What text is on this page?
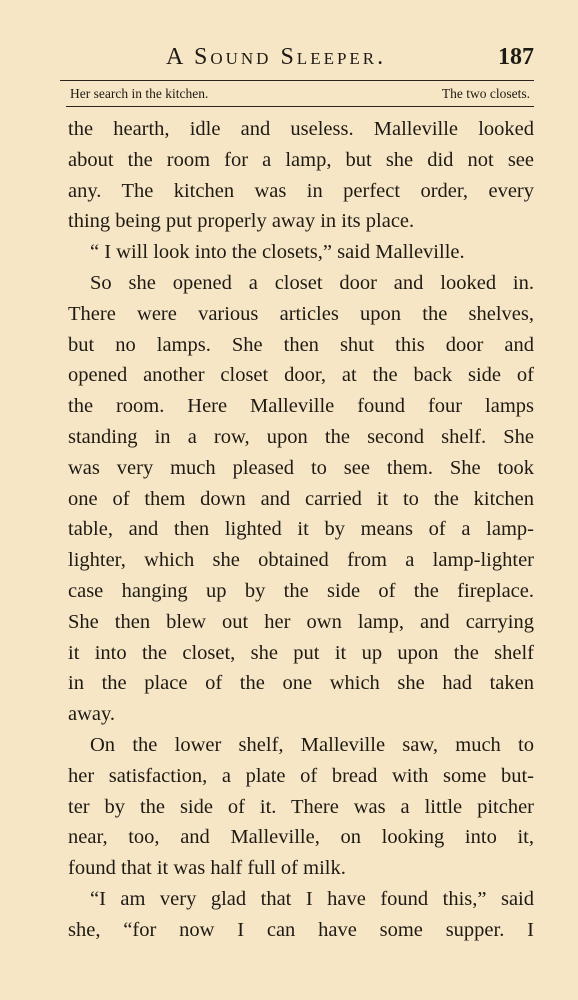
A Sound Sleeper.	187
Her search in the kitchen.	The two closets.
the hearth, idle and useless. Malleville looked
about the room for a lamp, but she did not see
any. The kitchen was in perfect order, every
thing being put properly away in its place.
“ I will look into the closets,” said Malleville.
So she opened a closet door and looked in.
There were various articles upon the shelves,
but no lamps. She then shut this door and
opened another closet door, at the back side of
the room. Here Malleville found four lamps
standing in a row, upon the second shelf. She
was very much pleased to see them. She took
one of them down and carried it to the kitchen
table, and then lighted it by means of a lamp-
lighter, which she obtained from a lamp-lighter
case hanging up by the side of the fireplace.
She then blew out her own lamp, and carrying
it into the closet, she put it up upon the shelf
in the place of the one which she had taken
away.
On the lower shelf, Malleville saw, much to
her satisfaction, a plate of bread with some but-
ter by the side of it. There was a little pitcher
near, too, and Malleville, on looking into it,
found that it was half full of milk.
“I am very glad that I have found this,” said
she, “for now I can have some supper. I
